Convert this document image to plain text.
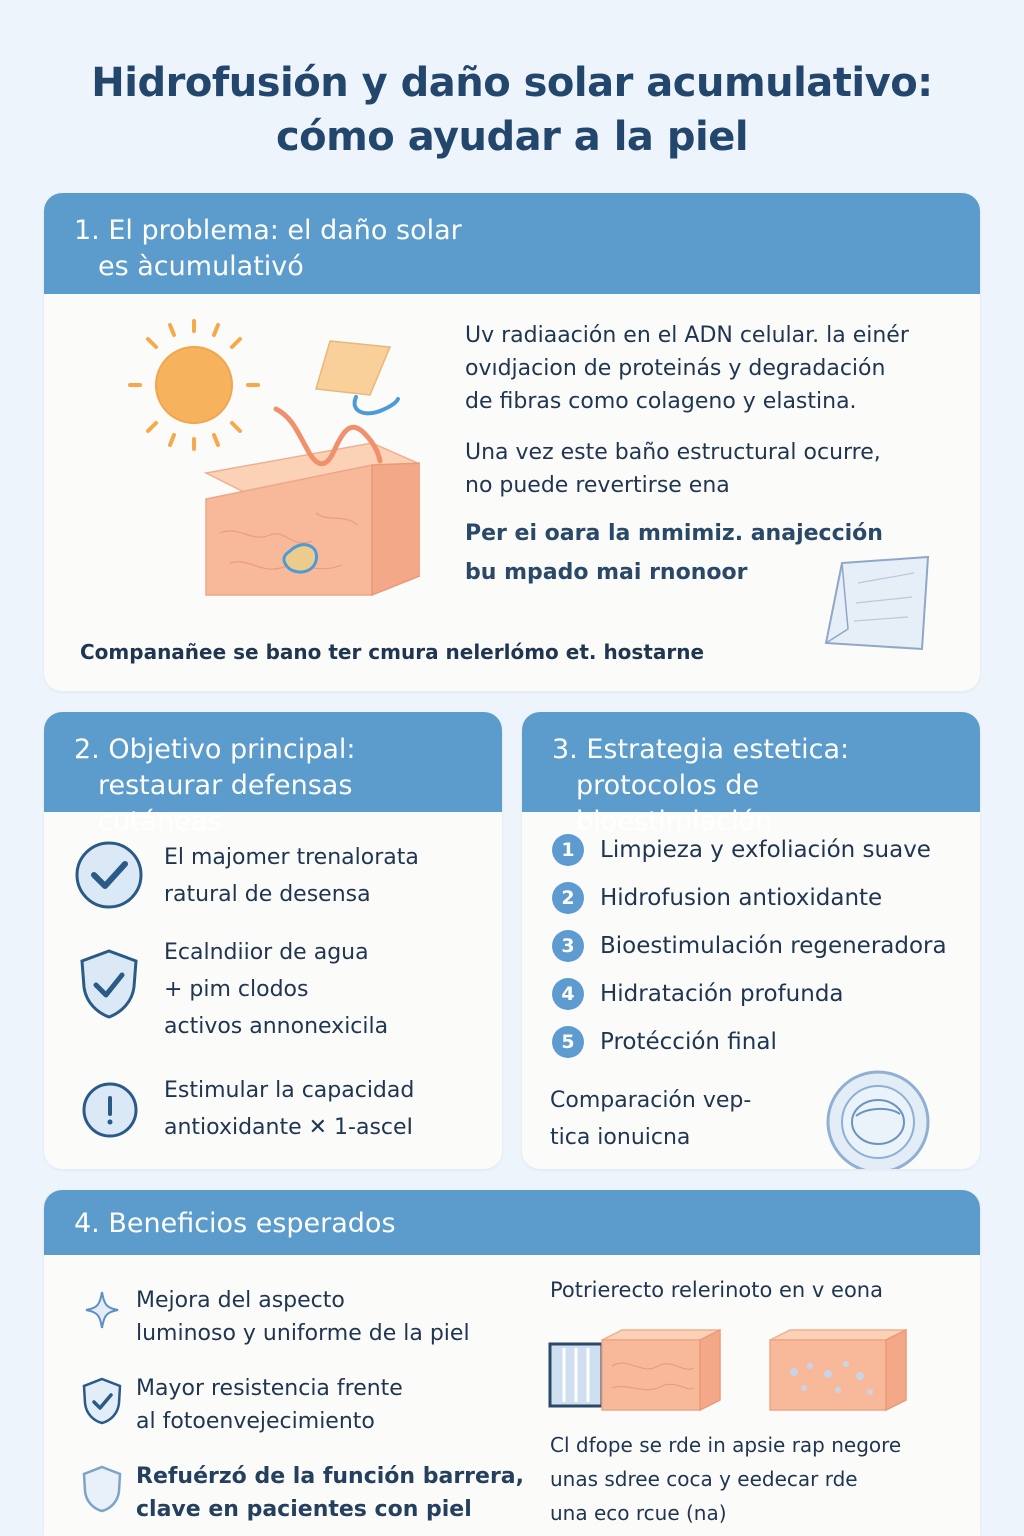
Hidrofusión y daño solar acumulativo:
cómo ayudar a la piel
1. El problema: el daño solar
es àcumulativó
Uv radiaación en el ADN celular. la einér
ovıdjacion de proteinás y degradación
de fibras como colageno y elastina.
Una vez este baño estructural ocurre,
no puede revertirse ena
Per ei oara la mmimiz. anajección
bu mpado mai rnonoor
Companañee se bano ter cmura nelerlómo et. hostarne
2. Objetivo principal:
restaurar defensas cutáneas
El majomer trenalorata
ratural de desensa
Ecalndiior de agua
+ pim clodos
activos annonexicila
Estimular la capacidad
antioxidante ✕ 1-asceI
3. Estrategia estetica:
protocolos de bioestimlación
1	Limpieza y exfoliación suave
2	Hidrofusion antioxidante
3	Bioestimulación regeneradora
4	Hidratación profunda
5	Protécción final
Comparación vep-
tica ionuicna
4. Beneficios esperados
Mejora del aspecto
luminoso y uniforme de la piel
Mayor resistencia frente
al fotoenvejecimiento
Refuérzó de la función barrera,
clave en pacientes con piel
Potrierecto relerinoto en v eona
Cl dfope se rde in apsie rap negore
unas sdree coca y eedecar rde
una eco rcue (na)
